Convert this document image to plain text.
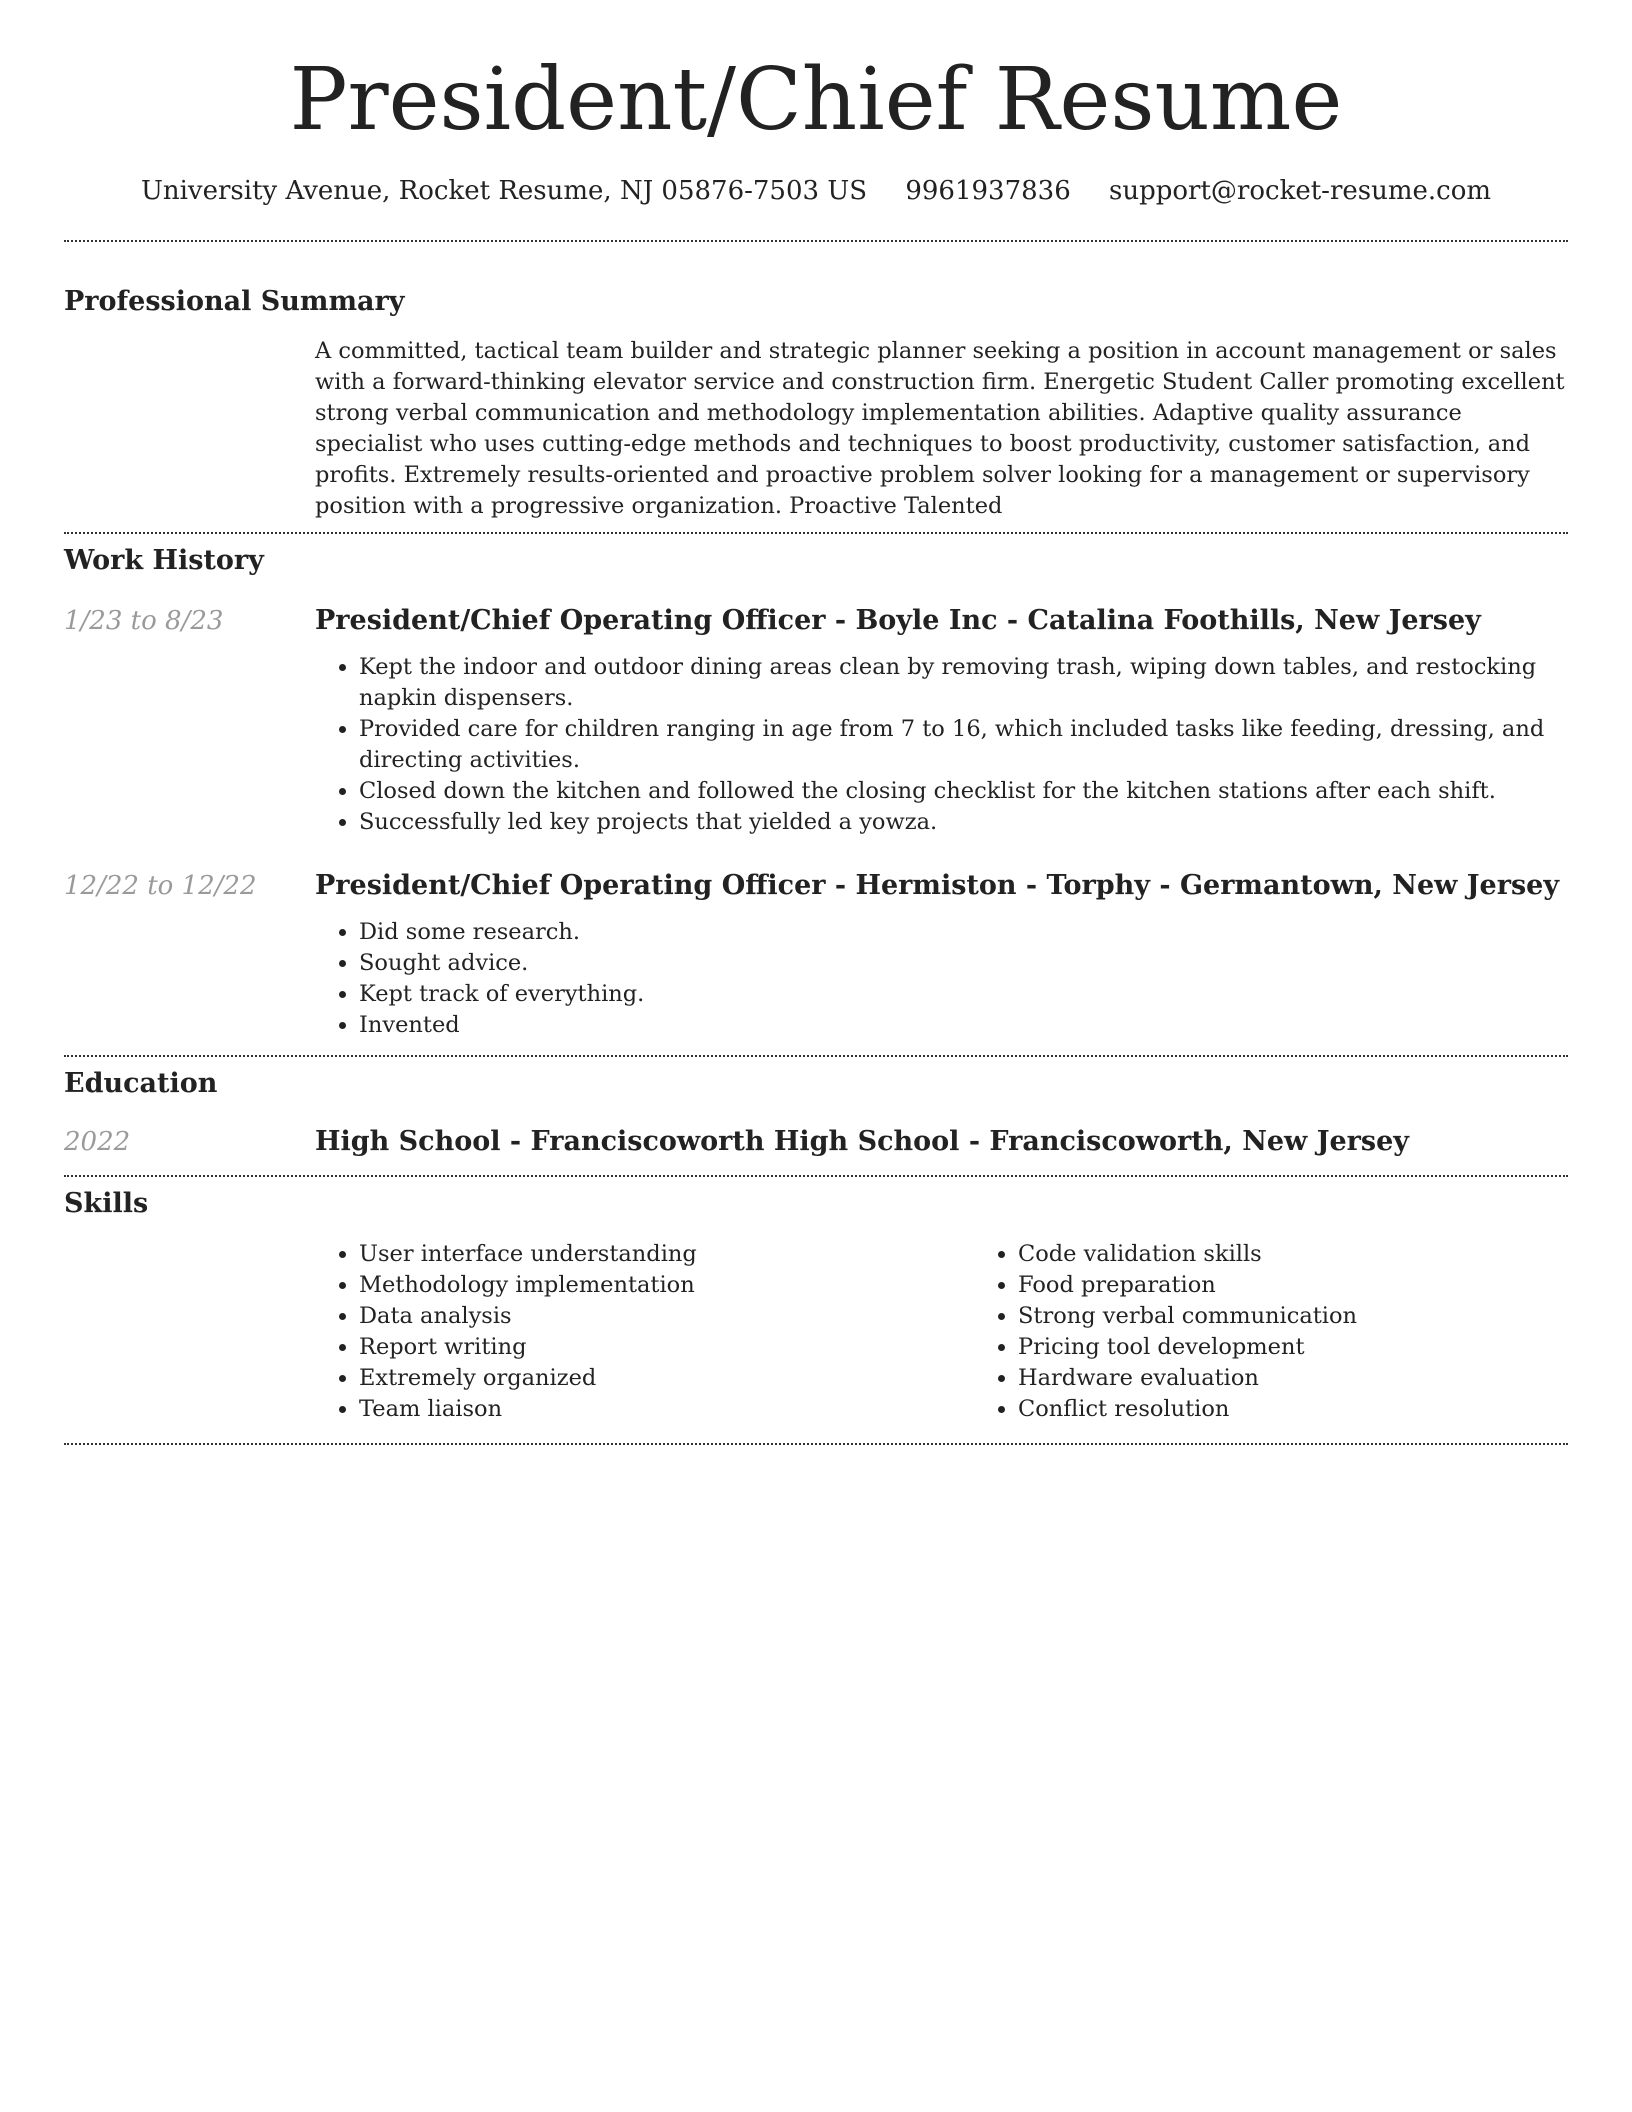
President/Chief Resume
University Avenue, Rocket Resume, NJ 05876-7503 US 9961937836 support@rocket-resume.com
Professional Summary

A committed, tactical team builder and strategic planner seeking a position in account management or sales with a forward-thinking elevator service and construction firm. Energetic Student Caller promoting excellent strong verbal communication and methodology implementation abilities. Adaptive quality assurance specialist who uses cutting-edge methods and techniques to boost productivity, customer satisfaction, and profits. Extremely results-oriented and proactive problem solver looking for a management or supervisory position with a progressive organization. Proactive Talented

Work History
1/23 to 8/23	President/Chief Operating Officer - Boyle Inc - Catalina Foothills, New Jersey
• Kept the indoor and outdoor dining areas clean by removing trash, wiping down tables, and restocking napkin dispensers.
• Provided care for children ranging in age from 7 to 16, which included tasks like feeding, dressing, and directing activities.
• Closed down the kitchen and followed the closing checklist for the kitchen stations after each shift.
• Successfully led key projects that yielded a yowza.
12/22 to 12/22	President/Chief Operating Officer - Hermiston - Torphy - Germantown, New Jersey
• Did some research.
• Sought advice.
• Kept track of everything.
• Invented
Education
2022	High School - Franciscoworth High School - Franciscoworth, New Jersey
Skills
• User interface understanding
• Methodology implementation
• Data analysis
• Report writing
• Extremely organized
• Team liaison
• Code validation skills
• Food preparation
• Strong verbal communication
• Pricing tool development
• Hardware evaluation
• Conflict resolution
